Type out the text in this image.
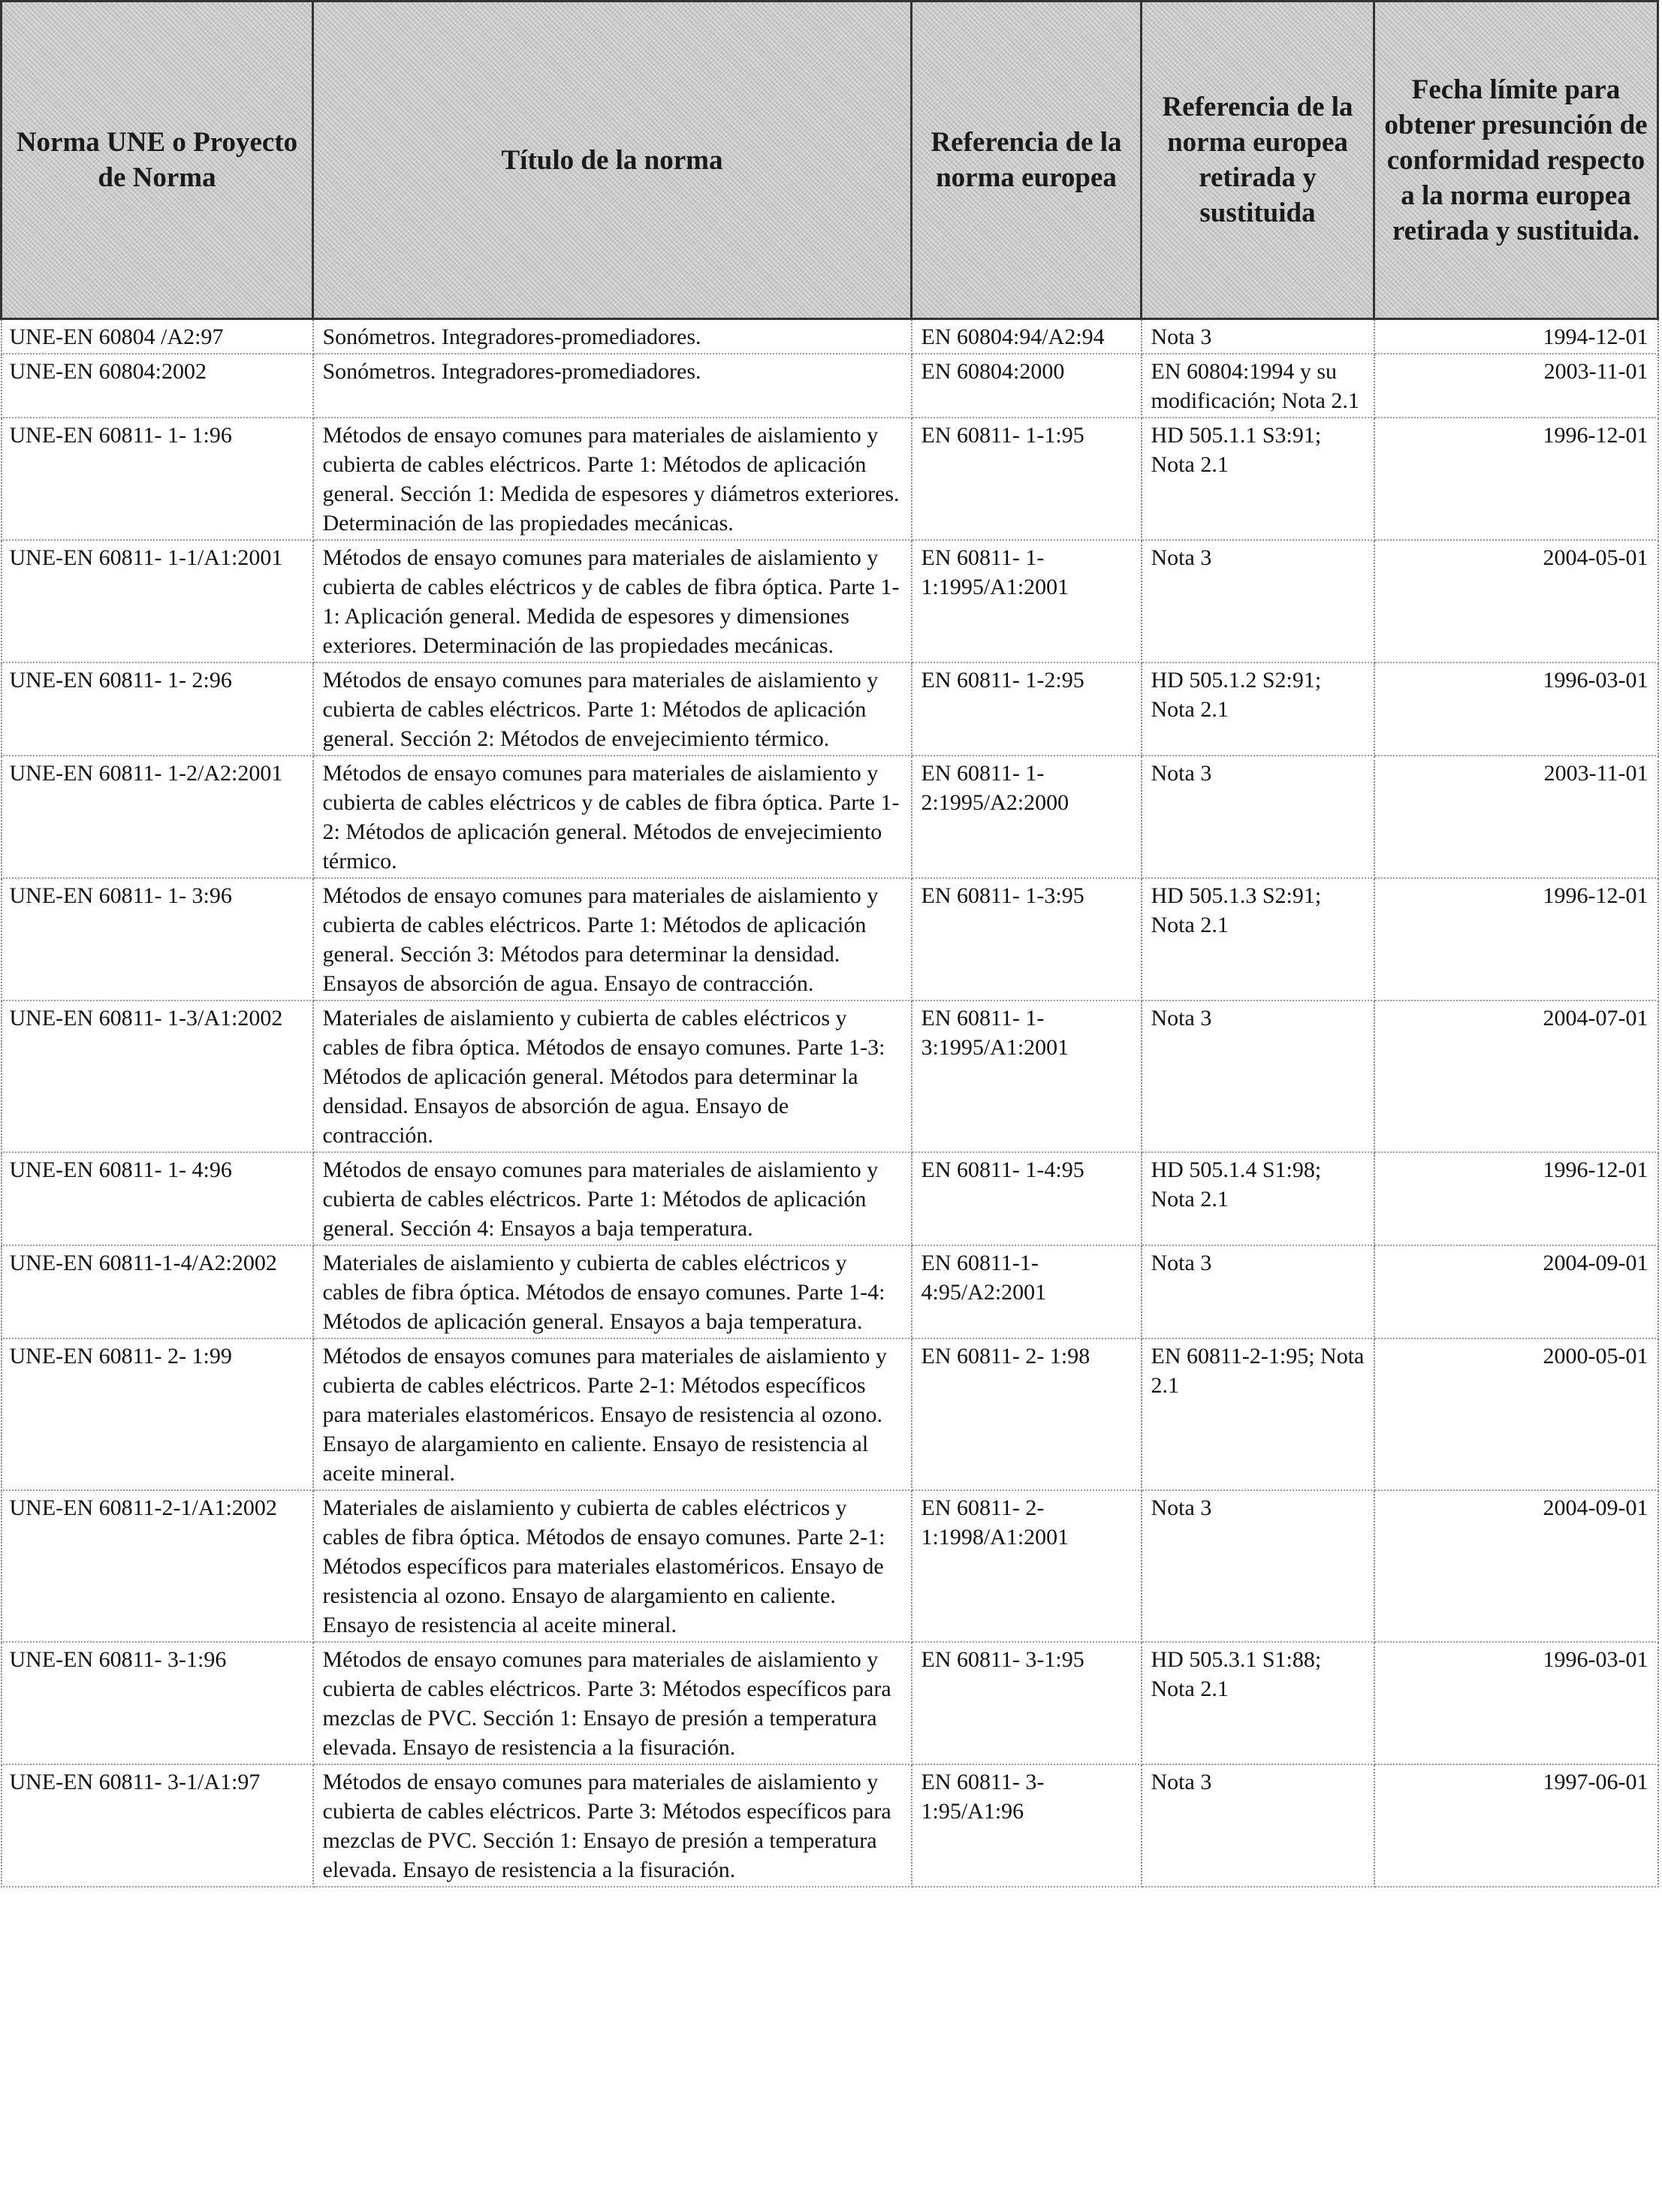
Norma UNE o Proyecto de Norma	Título de la norma	Referencia de la norma europea	Referencia de la norma europea retirada y sustituida	Fecha límite para obtener presunción de conformidad respecto a la norma europea retirada y sustituida.
UNE-EN 60804 /A2:97	Sonómetros. Integradores-promediadores.	EN 60804:94/A2:94	Nota 3	1994-12-01
UNE-EN 60804:2002	Sonómetros. Integradores-promediadores.	EN 60804:2000	EN 60804:1994 y su modificación; Nota 2.1	2003-11-01
UNE-EN 60811- 1- 1:96	Métodos de ensayo comunes para materiales de aislamiento y cubierta de cables eléctricos. Parte 1: Métodos de aplicación general. Sección 1: Medida de espesores y diámetros exteriores. Determinación de las propiedades mecánicas.	EN 60811- 1-1:95	HD 505.1.1 S3:91; Nota 2.1	1996-12-01
UNE-EN 60811- 1-1/A1:2001	Métodos de ensayo comunes para materiales de aislamiento y cubierta de cables eléctricos y de cables de fibra óptica. Parte 1-1: Aplicación general. Medida de espesores y dimensiones exteriores. Determinación de las propiedades mecánicas.	EN 60811- 1-1:1995/A1:2001	Nota 3	2004-05-01
UNE-EN 60811- 1- 2:96	Métodos de ensayo comunes para materiales de aislamiento y cubierta de cables eléctricos. Parte 1: Métodos de aplicación general. Sección 2: Métodos de envejecimiento térmico.	EN 60811- 1-2:95	HD 505.1.2 S2:91; Nota 2.1	1996-03-01
UNE-EN 60811- 1-2/A2:2001	Métodos de ensayo comunes para materiales de aislamiento y cubierta de cables eléctricos y de cables de fibra óptica. Parte 1-2: Métodos de aplicación general. Métodos de envejecimiento térmico.	EN 60811- 1-2:1995/A2:2000	Nota 3	2003-11-01
UNE-EN 60811- 1- 3:96	Métodos de ensayo comunes para materiales de aislamiento y cubierta de cables eléctricos. Parte 1: Métodos de aplicación general. Sección 3: Métodos para determinar la densidad. Ensayos de absorción de agua. Ensayo de contracción.	EN 60811- 1-3:95	HD 505.1.3 S2:91; Nota 2.1	1996-12-01
UNE-EN 60811- 1-3/A1:2002	Materiales de aislamiento y cubierta de cables eléctricos y cables de fibra óptica. Métodos de ensayo comunes. Parte 1-3: Métodos de aplicación general. Métodos para determinar la densidad. Ensayos de absorción de agua. Ensayo de contracción.	EN 60811- 1-3:1995/A1:2001	Nota 3	2004-07-01
UNE-EN 60811- 1- 4:96	Métodos de ensayo comunes para materiales de aislamiento y cubierta de cables eléctricos. Parte 1: Métodos de aplicación general. Sección 4: Ensayos a baja temperatura.	EN 60811- 1-4:95	HD 505.1.4 S1:98; Nota 2.1	1996-12-01
UNE-EN 60811-1-4/A2:2002	Materiales de aislamiento y cubierta de cables eléctricos y cables de fibra óptica. Métodos de ensayo comunes. Parte 1-4: Métodos de aplicación general. Ensayos a baja temperatura.	EN 60811-1-4:95/A2:2001	Nota 3	2004-09-01
UNE-EN 60811- 2- 1:99	Métodos de ensayos comunes para materiales de aislamiento y cubierta de cables eléctricos. Parte 2-1: Métodos específicos para materiales elastoméricos. Ensayo de resistencia al ozono. Ensayo de alargamiento en caliente. Ensayo de resistencia al aceite mineral.	EN 60811- 2- 1:98	EN 60811-2-1:95; Nota 2.1	2000-05-01
UNE-EN 60811-2-1/A1:2002	Materiales de aislamiento y cubierta de cables eléctricos y cables de fibra óptica. Métodos de ensayo comunes. Parte 2-1: Métodos específicos para materiales elastoméricos. Ensayo de resistencia al ozono. Ensayo de alargamiento en caliente. Ensayo de resistencia al aceite mineral.	EN 60811- 2-1:1998/A1:2001	Nota 3	2004-09-01
UNE-EN 60811- 3-1:96	Métodos de ensayo comunes para materiales de aislamiento y cubierta de cables eléctricos. Parte 3: Métodos específicos para mezclas de PVC. Sección 1: Ensayo de presión a temperatura elevada. Ensayo de resistencia a la fisuración.	EN 60811- 3-1:95	HD 505.3.1 S1:88; Nota 2.1	1996-03-01
UNE-EN 60811- 3-1/A1:97	Métodos de ensayo comunes para materiales de aislamiento y cubierta de cables eléctricos. Parte 3: Métodos específicos para mezclas de PVC. Sección 1: Ensayo de presión a temperatura elevada. Ensayo de resistencia a la fisuración.	EN 60811- 3-1:95/A1:96	Nota 3	1997-06-01
